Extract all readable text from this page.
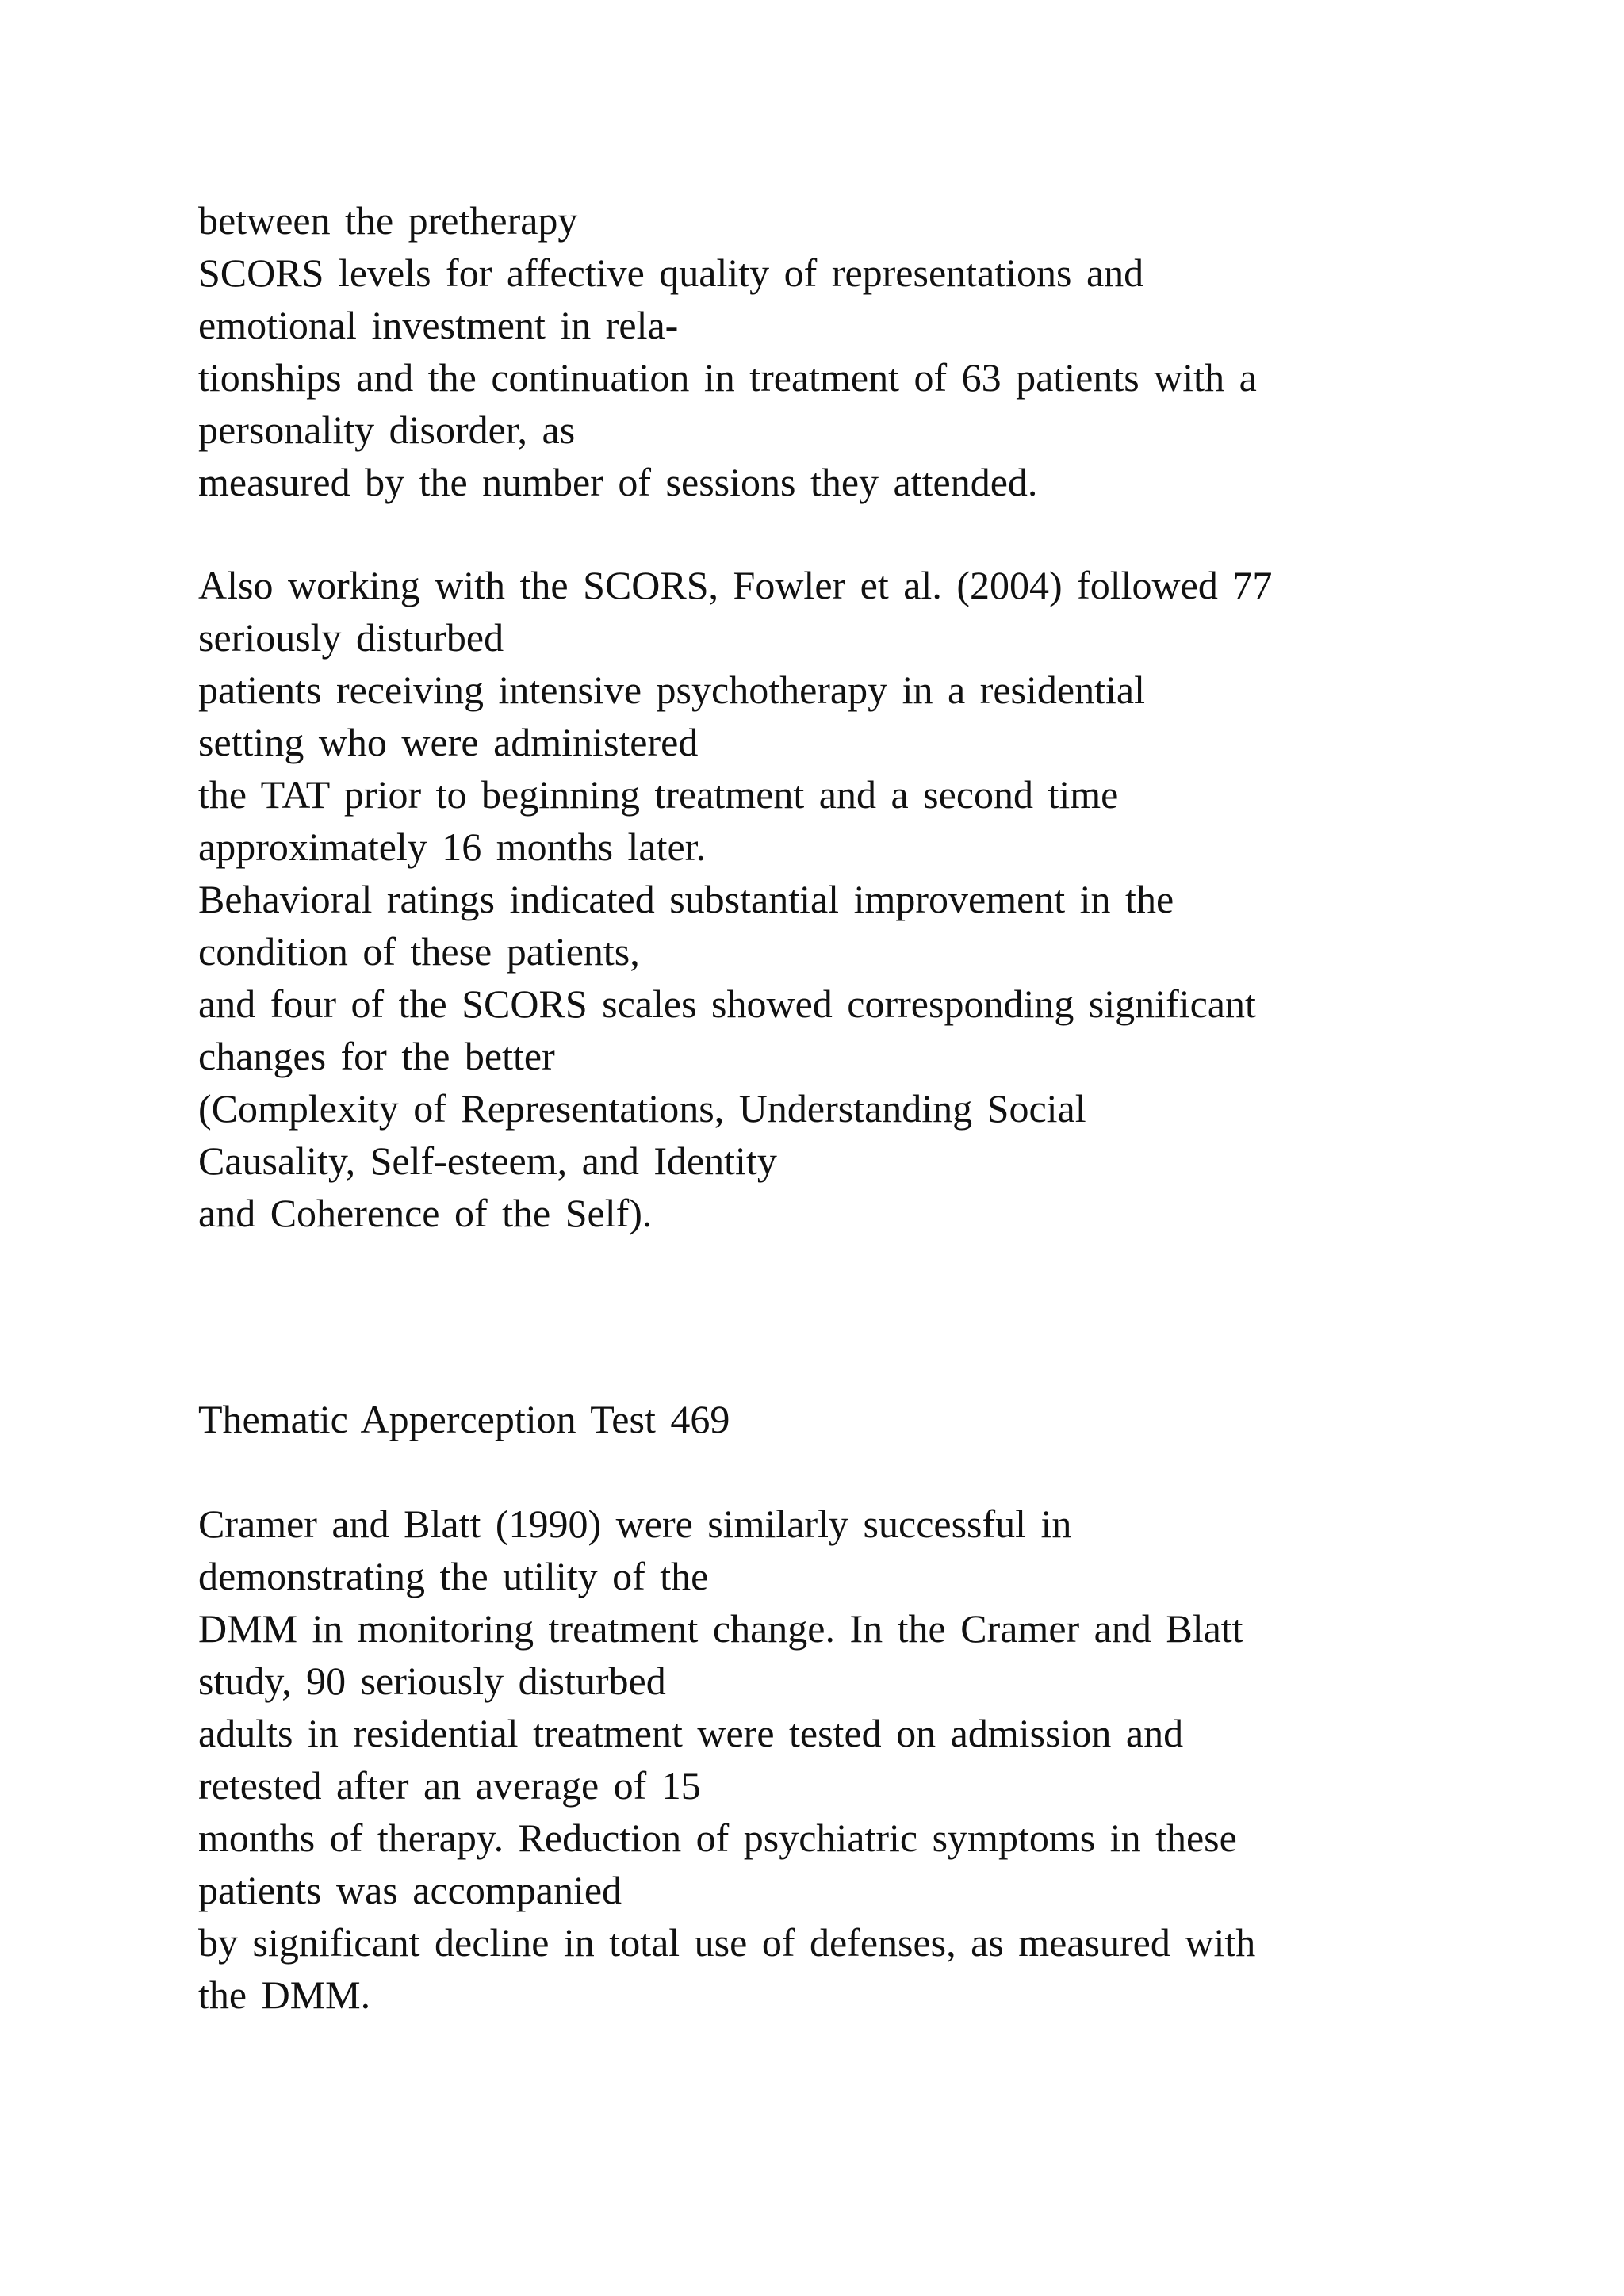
between the pretherapy
SCORS levels for affective quality of representations and
emotional investment in rela-
tionships and the continuation in treatment of 63 patients with a
personality disorder, as
measured by the number of sessions they attended.

Also working with the SCORS, Fowler et al. (2004) followed 77
seriously disturbed
patients receiving intensive psychotherapy in a residential
setting who were administered
the TAT prior to beginning treatment and a second time
approximately 16 months later.
Behavioral ratings indicated substantial improvement in the
condition of these patients,
and four of the SCORS scales showed corresponding significant
changes for the better
(Complexity of Representations, Understanding Social
Causality, Self-esteem, and Identity
and Coherence of the Self).

Thematic Apperception Test 469

Cramer and Blatt (1990) were similarly successful in
demonstrating the utility of the
DMM in monitoring treatment change. In the Cramer and Blatt
study, 90 seriously disturbed
adults in residential treatment were tested on admission and
retested after an average of 15
months of therapy. Reduction of psychiatric symptoms in these
patients was accompanied
by significant decline in total use of defenses, as measured with
the DMM.
